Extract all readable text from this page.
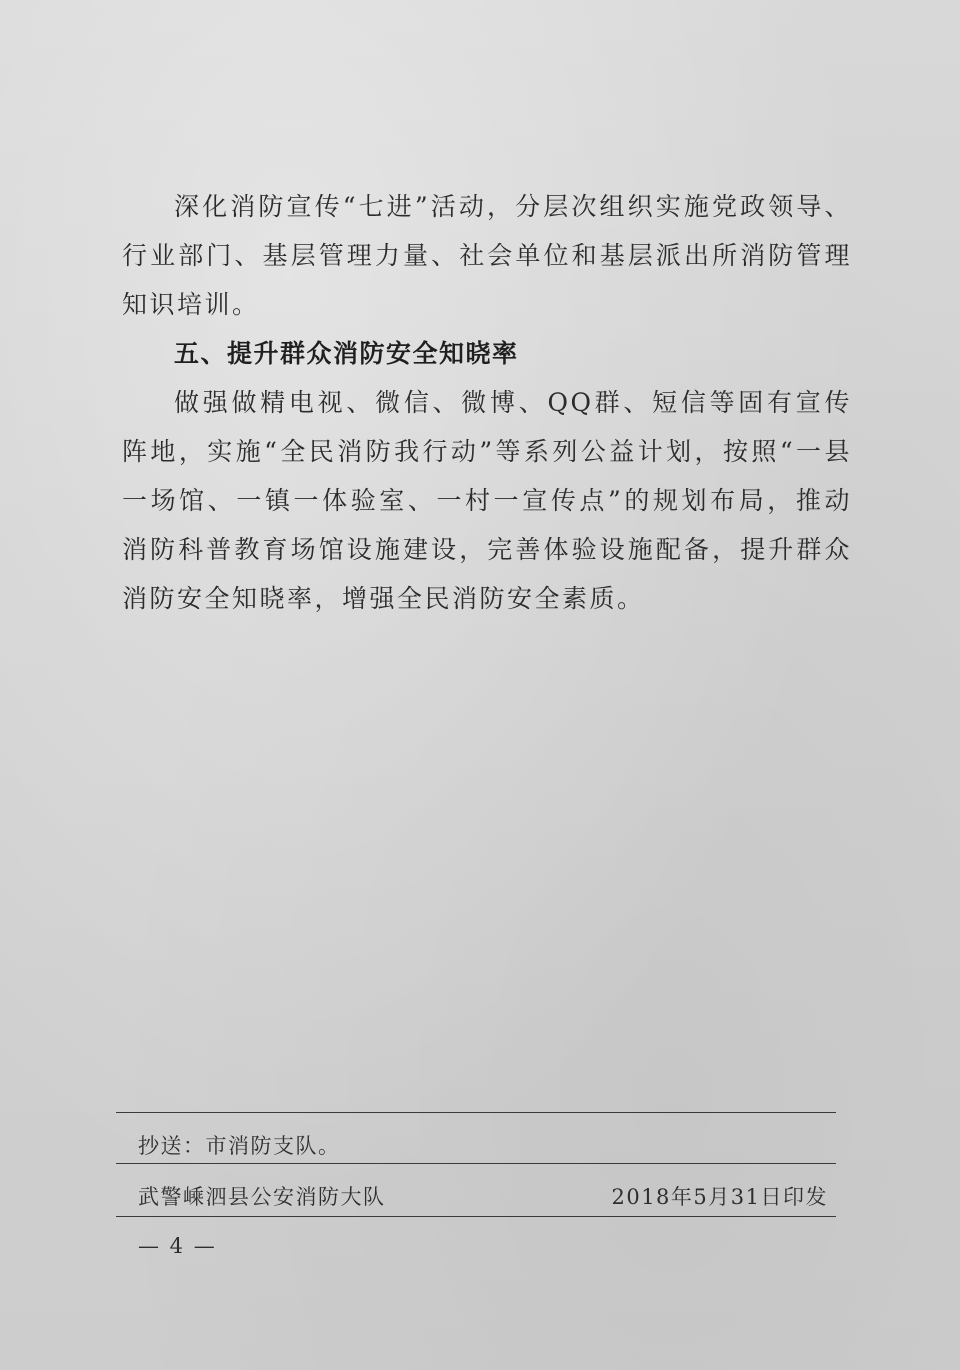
深化消防宣传“七进”活动，分层次组织实施党政领导、行业部门、基层管理力量、社会单位和基层派出所消防管理知识培训。

五、提升群众消防安全知晓率

做强做精电视、微信、微博、QQ群、短信等固有宣传阵地，实施“全民消防我行动”等系列公益计划，按照“一县一场馆、一镇一体验室、一村一宣传点”的规划布局，推动消防科普教育场馆设施建设，完善体验设施配备，提升群众消防安全知晓率，增强全民消防安全素质。

抄送：市消防支队。
武警嵊泗县公安消防大队	2018年5月31日印发
— 4 —
